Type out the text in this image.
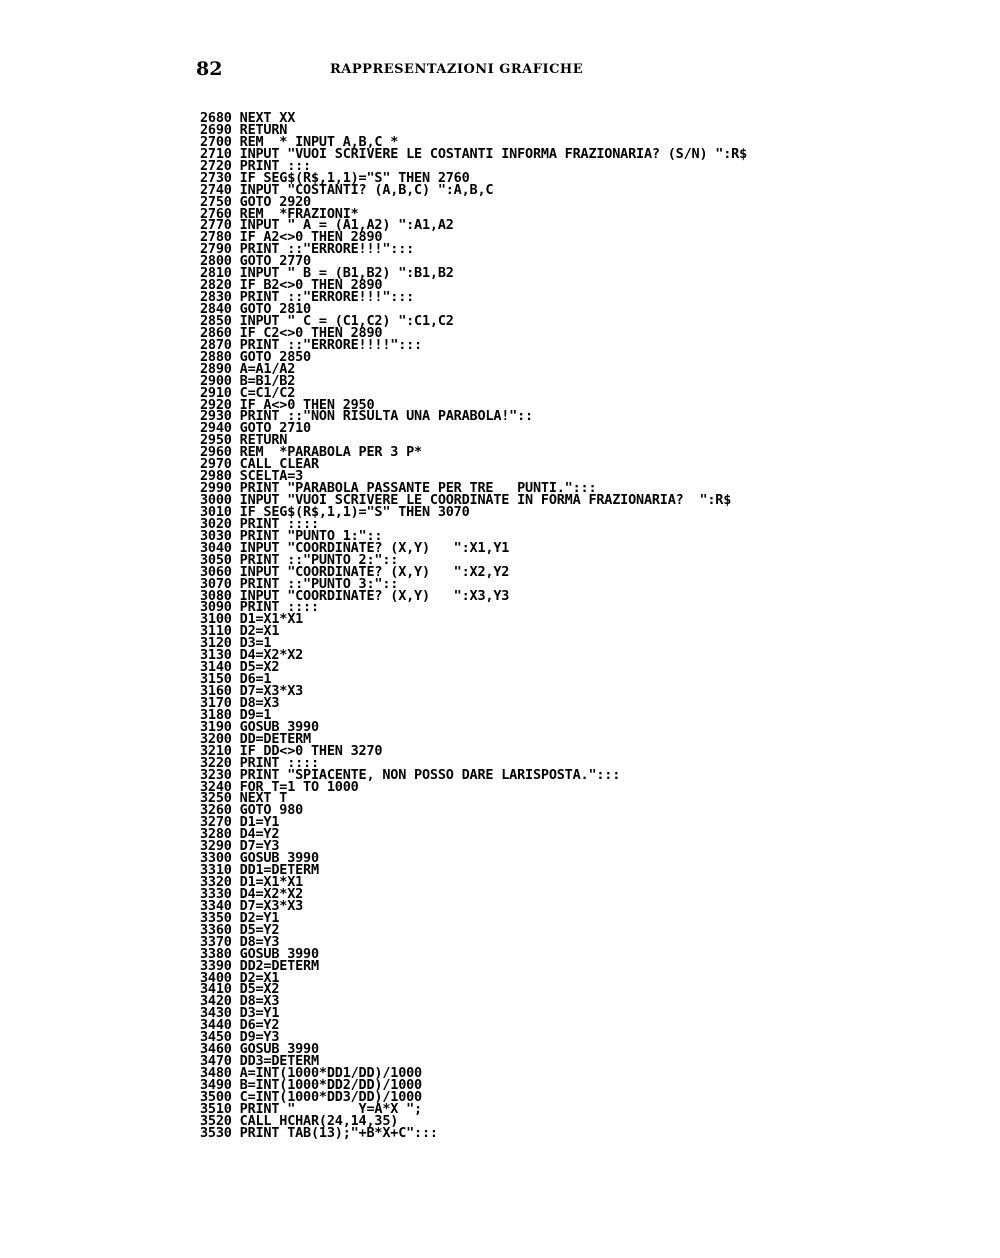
82	RAPPRESENTAZIONI GRAFICHE
2680 NEXT XX
2690 RETURN
2700 REM  * INPUT A,B,C *
2710 INPUT "VUOI SCRIVERE LE COSTANTI INFORMA FRAZIONARIA? (S/N) ":R$
2720 PRINT :::
2730 IF SEG$(R$,1,1)="S" THEN 2760
2740 INPUT "COSTANTI? (A,B,C) ":A,B,C
2750 GOTO 2920
2760 REM  *FRAZIONI*
2770 INPUT " A = (A1,A2) ":A1,A2
2780 IF A2<>0 THEN 2890
2790 PRINT ::"ERRORE!!!":::
2800 GOTO 2770
2810 INPUT " B = (B1,B2) ":B1,B2
2820 IF B2<>0 THEN 2890
2830 PRINT ::"ERRORE!!!":::
2840 GOTO 2810
2850 INPUT " C = (C1,C2) ":C1,C2
2860 IF C2<>0 THEN 2890
2870 PRINT ::"ERRORE!!!!":::
2880 GOTO 2850
2890 A=A1/A2
2900 B=B1/B2
2910 C=C1/C2
2920 IF A<>0 THEN 2950
2930 PRINT ::"NON RISULTA UNA PARABOLA!"::
2940 GOTO 2710
2950 RETURN
2960 REM  *PARABOLA PER 3 P*
2970 CALL CLEAR
2980 SCELTA=3
2990 PRINT "PARABOLA PASSANTE PER TRE   PUNTI.":::
3000 INPUT "VUOI SCRIVERE LE COORDINATE IN FORMA FRAZIONARIA?  ":R$
3010 IF SEG$(R$,1,1)="S" THEN 3070
3020 PRINT ::::
3030 PRINT "PUNTO 1:"::
3040 INPUT "COORDINATE? (X,Y)   ":X1,Y1
3050 PRINT ::"PUNTO 2:"::
3060 INPUT "COORDINATE? (X,Y)   ":X2,Y2
3070 PRINT ::"PUNTO 3:"::
3080 INPUT "COORDINATE? (X,Y)   ":X3,Y3
3090 PRINT ::::
3100 D1=X1*X1
3110 D2=X1
3120 D3=1
3130 D4=X2*X2
3140 D5=X2
3150 D6=1
3160 D7=X3*X3
3170 D8=X3
3180 D9=1
3190 GOSUB 3990
3200 DD=DETERM
3210 IF DD<>0 THEN 3270
3220 PRINT ::::
3230 PRINT "SPIACENTE, NON POSSO DARE LARISPOSTA.":::
3240 FOR T=1 TO 1000
3250 NEXT T
3260 GOTO 980
3270 D1=Y1
3280 D4=Y2
3290 D7=Y3
3300 GOSUB 3990
3310 DD1=DETERM
3320 D1=X1*X1
3330 D4=X2*X2
3340 D7=X3*X3
3350 D2=Y1
3360 D5=Y2
3370 D8=Y3
3380 GOSUB 3990
3390 DD2=DETERM
3400 D2=X1
3410 D5=X2
3420 D8=X3
3430 D3=Y1
3440 D6=Y2
3450 D9=Y3
3460 GOSUB 3990
3470 DD3=DETERM
3480 A=INT(1000*DD1/DD)/1000
3490 B=INT(1000*DD2/DD)/1000
3500 C=INT(1000*DD3/DD)/1000
3510 PRINT "        Y=A*X ";
3520 CALL HCHAR(24,14,35)
3530 PRINT TAB(13);"+B*X+C":::
